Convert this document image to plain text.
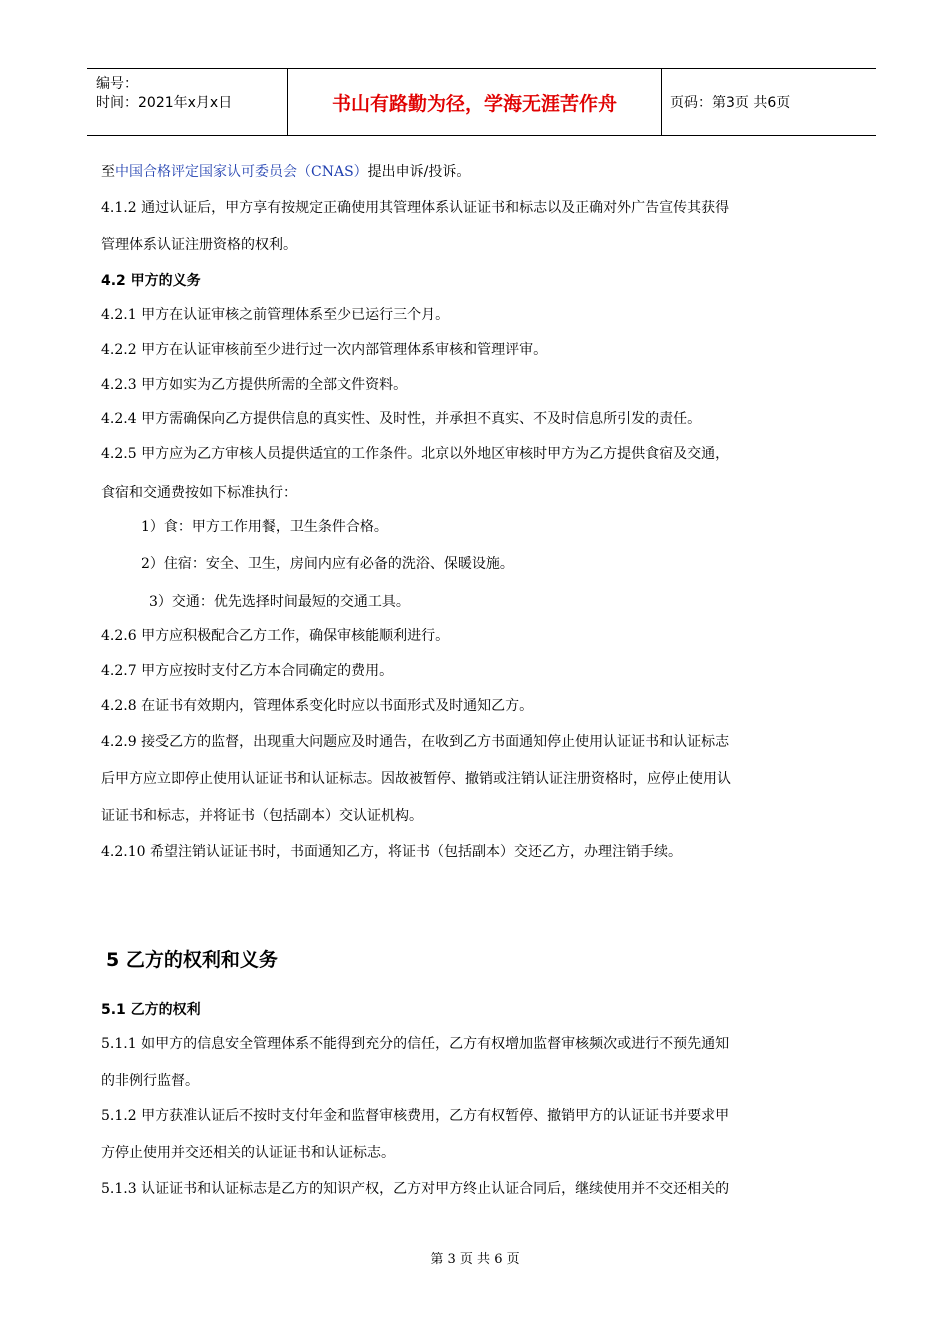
编号：
时间：2021年x月x日	书山有路勤为径，学海无涯苦作舟	页码：第3页 共6页
至中国合格评定国家认可委员会（CNAS）提出申诉/投诉。
4.1.2 通过认证后，甲方享有按规定正确使用其管理体系认证证书和标志以及正确对外广告宣传其获得
管理体系认证注册资格的权利。
4.2 甲方的义务
4.2.1 甲方在认证审核之前管理体系至少已运行三个月。
4.2.2 甲方在认证审核前至少进行过一次内部管理体系审核和管理评审。
4.2.3 甲方如实为乙方提供所需的全部文件资料。
4.2.4 甲方需确保向乙方提供信息的真实性、及时性，并承担不真实、不及时信息所引发的责任。
4.2.5 甲方应为乙方审核人员提供适宜的工作条件。北京以外地区审核时甲方为乙方提供食宿及交通，
食宿和交通费按如下标准执行：
1）食：甲方工作用餐，卫生条件合格。
2）住宿：安全、卫生，房间内应有必备的洗浴、保暖设施。
3）交通：优先选择时间最短的交通工具。
4.2.6 甲方应积极配合乙方工作，确保审核能顺利进行。
4.2.7 甲方应按时支付乙方本合同确定的费用。
4.2.8 在证书有效期内，管理体系变化时应以书面形式及时通知乙方。
4.2.9 接受乙方的监督，出现重大问题应及时通告，在收到乙方书面通知停止使用认证证书和认证标志
后甲方应立即停止使用认证证书和认证标志。因故被暂停、撤销或注销认证注册资格时，应停止使用认
证证书和标志，并将证书（包括副本）交认证机构。
4.2.10 希望注销认证证书时，书面通知乙方，将证书（包括副本）交还乙方，办理注销手续。
5 乙方的权利和义务
5.1 乙方的权利
5.1.1 如甲方的信息安全管理体系不能得到充分的信任，乙方有权增加监督审核频次或进行不预先通知
的非例行监督。
5.1.2 甲方获准认证后不按时支付年金和监督审核费用，乙方有权暂停、撤销甲方的认证证书并要求甲
方停止使用并交还相关的认证证书和认证标志。
5.1.3 认证证书和认证标志是乙方的知识产权，乙方对甲方终止认证合同后，继续使用并不交还相关的
第 3 页 共 6 页
